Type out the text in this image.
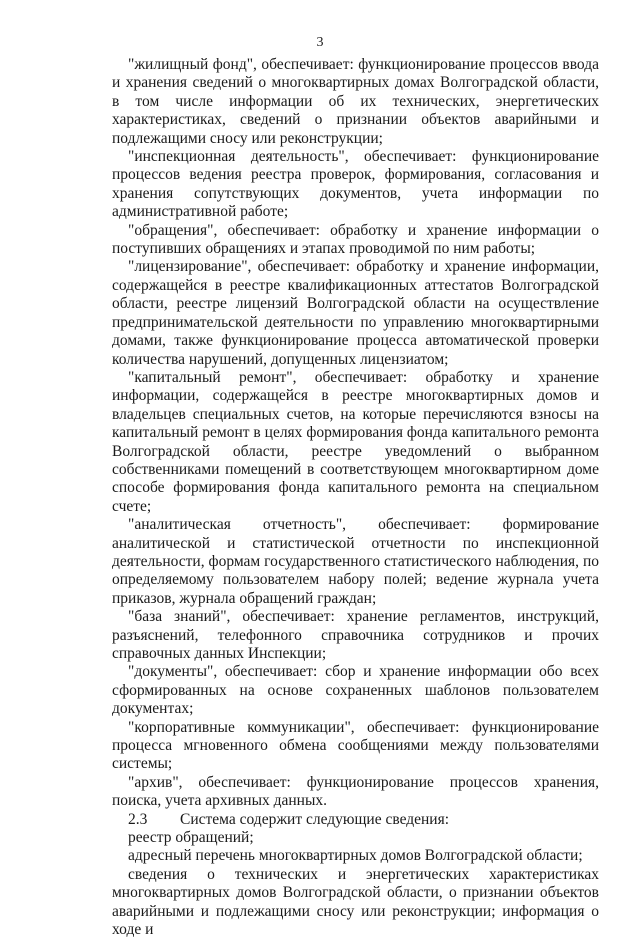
3

"жилищный фонд", обеспечивает: функционирование процессов ввода и хранения сведений о многоквартирных домах Волгоградской области, в том числе информации об их технических, энергетических характеристиках, сведений о признании объектов аварийными и подлежащими сносу или реконструкции;

"инспекционная деятельность", обеспечивает: функционирование процессов ведения реестра проверок, формирования, согласования и хранения сопутствующих документов, учета информации по административной работе;

"обращения", обеспечивает: обработку и хранение информации о поступивших обращениях и этапах проводимой по ним работы;

"лицензирование", обеспечивает: обработку и хранение информации, содержащейся в реестре квалификационных аттестатов Волгоградской области, реестре лицензий Волгоградской области на осуществление предпринимательской деятельности по управлению многоквартирными домами, также функционирование процесса автоматической проверки количества нарушений, допущенных лицензиатом;

"капитальный ремонт", обеспечивает: обработку и хранение информации, содержащейся в реестре многоквартирных домов и владельцев специальных счетов, на которые перечисляются взносы на капитальный ремонт в целях формирования фонда капитального ремонта Волгоградской области, реестре уведомлений о выбранном собственниками помещений в соответствующем многоквартирном доме способе формирования фонда капитального ремонта на специальном счете;

"аналитическая отчетность", обеспечивает: формирование аналитической и статистической отчетности по инспекционной деятельности, формам государственного статистического наблюдения, по определяемому пользователем набору полей; ведение журнала учета приказов, журнала обращений граждан;

"база знаний", обеспечивает: хранение регламентов, инструкций, разъяснений, телефонного справочника сотрудников и прочих справочных данных Инспекции;

"документы", обеспечивает: сбор и хранение информации обо всех сформированных на основе сохраненных шаблонов пользователем документах;

"корпоративные коммуникации", обеспечивает: функционирование процесса мгновенного обмена сообщениями между пользователями системы;

"архив", обеспечивает: функционирование процессов хранения, поиска, учета архивных данных.

2.3	Система содержит следующие сведения:

реестр обращений;

адресный перечень многоквартирных домов Волгоградской области;

сведения о технических и энергетических характеристиках многоквартирных домов Волгоградской области, о признании объектов аварийными и подлежащими сносу или реконструкции; информация о ходе и
